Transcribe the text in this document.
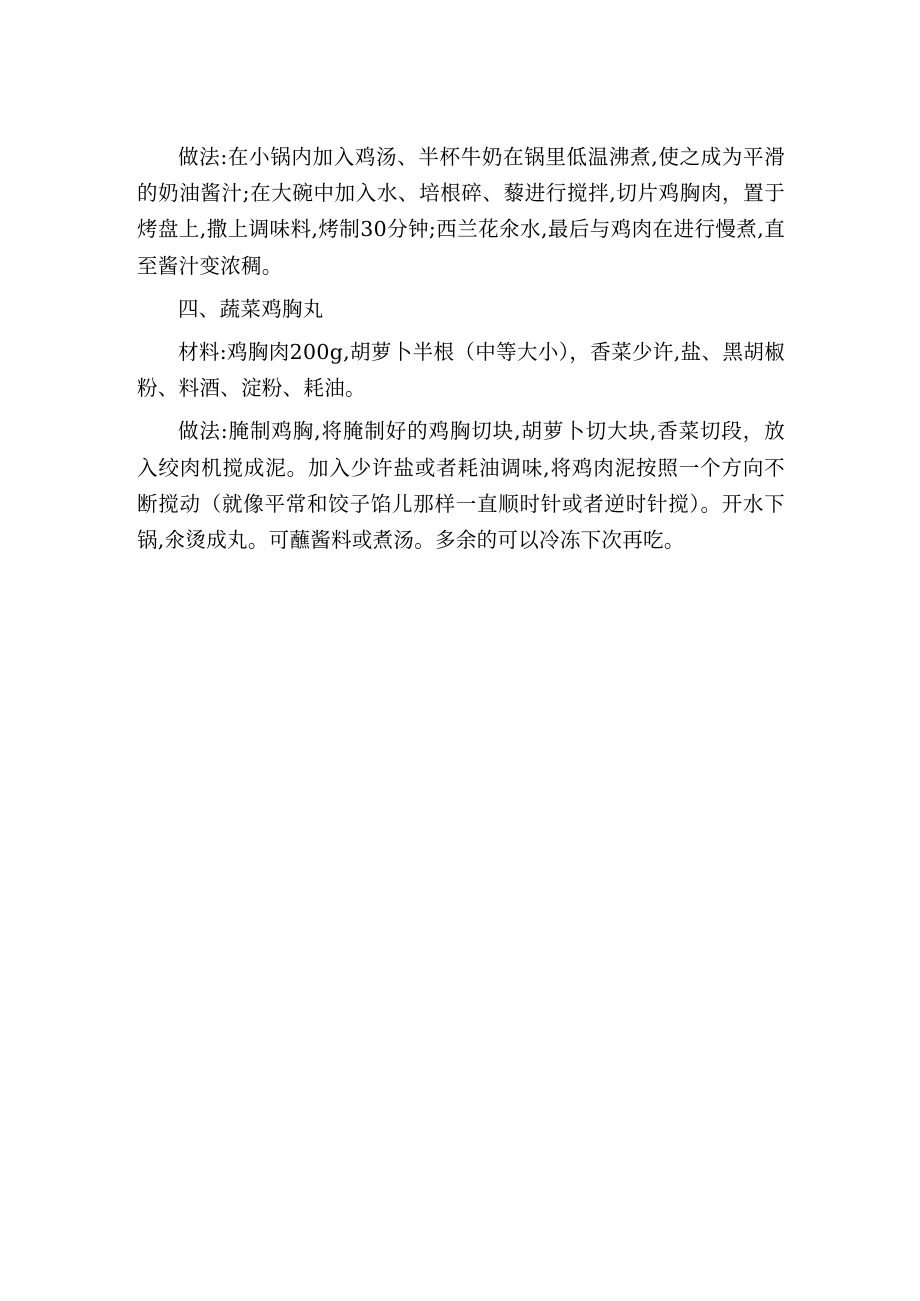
做法:在小锅内加入鸡汤、半杯牛奶在锅里低温沸煮,使之成为平滑的奶油酱汁;在大碗中加入水、培根碎、藜进行搅拌,切片鸡胸肉，置于烤盘上,撒上调味料,烤制30分钟;西兰花氽水,最后与鸡肉在进行慢煮,直至酱汁变浓稠。

四、蔬菜鸡胸丸

材料:鸡胸肉200g,胡萝卜半根（中等大小），香菜少许,盐、黑胡椒粉、料酒、淀粉、耗油。

做法:腌制鸡胸,将腌制好的鸡胸切块,胡萝卜切大块,香菜切段，放入绞肉机搅成泥。加入少许盐或者耗油调味,将鸡肉泥按照一个方向不断搅动（就像平常和饺子馅儿那样一直顺时针或者逆时针搅）。开水下锅,氽烫成丸。可蘸酱料或煮汤。多余的可以冷冻下次再吃。
